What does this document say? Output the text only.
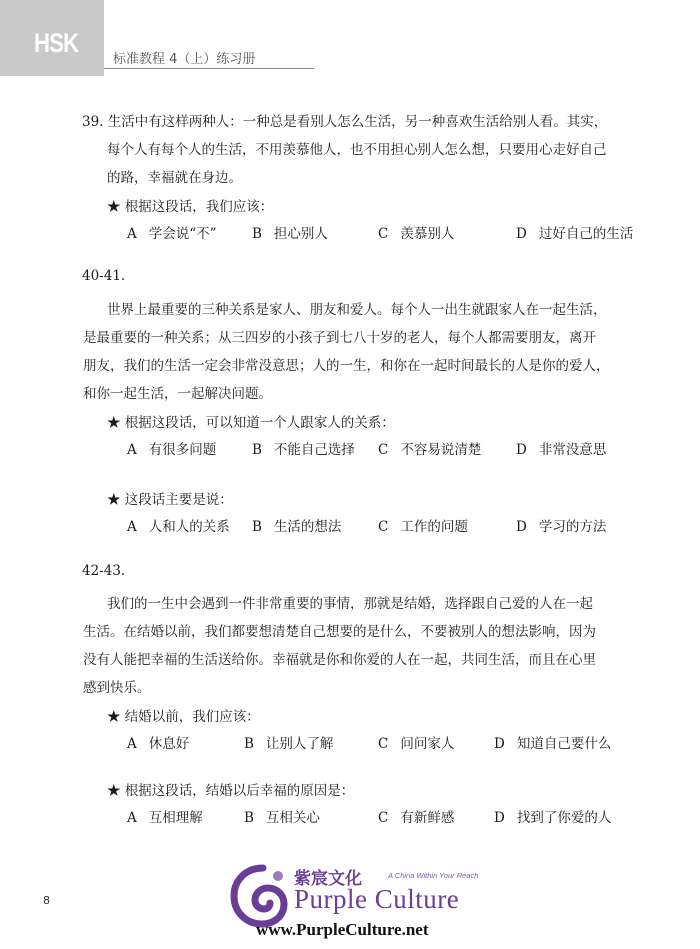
HSK
标准教程 4（上）练习册
39. 生活中有这样两种人：一种总是看别人怎么生活，另一种喜欢生活给别人看。其实，
每个人有每个人的生活，不用羡慕他人，也不用担心别人怎么想，只要用心走好自己
的路，幸福就在身边。
★ 根据这段话，我们应该：
A 学会说“不”	B 担心别人	C 羡慕别人	D 过好自己的生活
40-41.
世界上最重要的三种关系是家人、朋友和爱人。每个人一出生就跟家人在一起生活，
是最重要的一种关系；从三四岁的小孩子到七八十岁的老人，每个人都需要朋友，离开
朋友，我们的生活一定会非常没意思；人的一生，和你在一起时间最长的人是你的爱人，
和你一起生活，一起解决问题。
★ 根据这段话，可以知道一个人跟家人的关系：
A 有很多问题	B 不能自己选择 C 不容易说清楚	D 非常没意思
★ 这段话主要是说：
A 人和人的关系 B 生活的想法	C 工作的问题	D 学习的方法
42-43.
我们的一生中会遇到一件非常重要的事情，那就是结婚，选择跟自己爱的人在一起
生活。在结婚以前，我们都要想清楚自己想要的是什么，不要被别人的想法影响，因为
没有人能把幸福的生活送给你。幸福就是你和你爱的人在一起，共同生活，而且在心里
感到快乐。
★ 结婚以前，我们应该：
A 休息好	B 让别人了解	C 问问家人	D 知道自己要什么
★ 根据这段话，结婚以后幸福的原因是：
A 互相理解	B 互相关心	C 有新鲜感	D 找到了你爱的人
8
紫宸文化	A China Within Your Reach
Purple Culture
www.PurpleCulture.net
